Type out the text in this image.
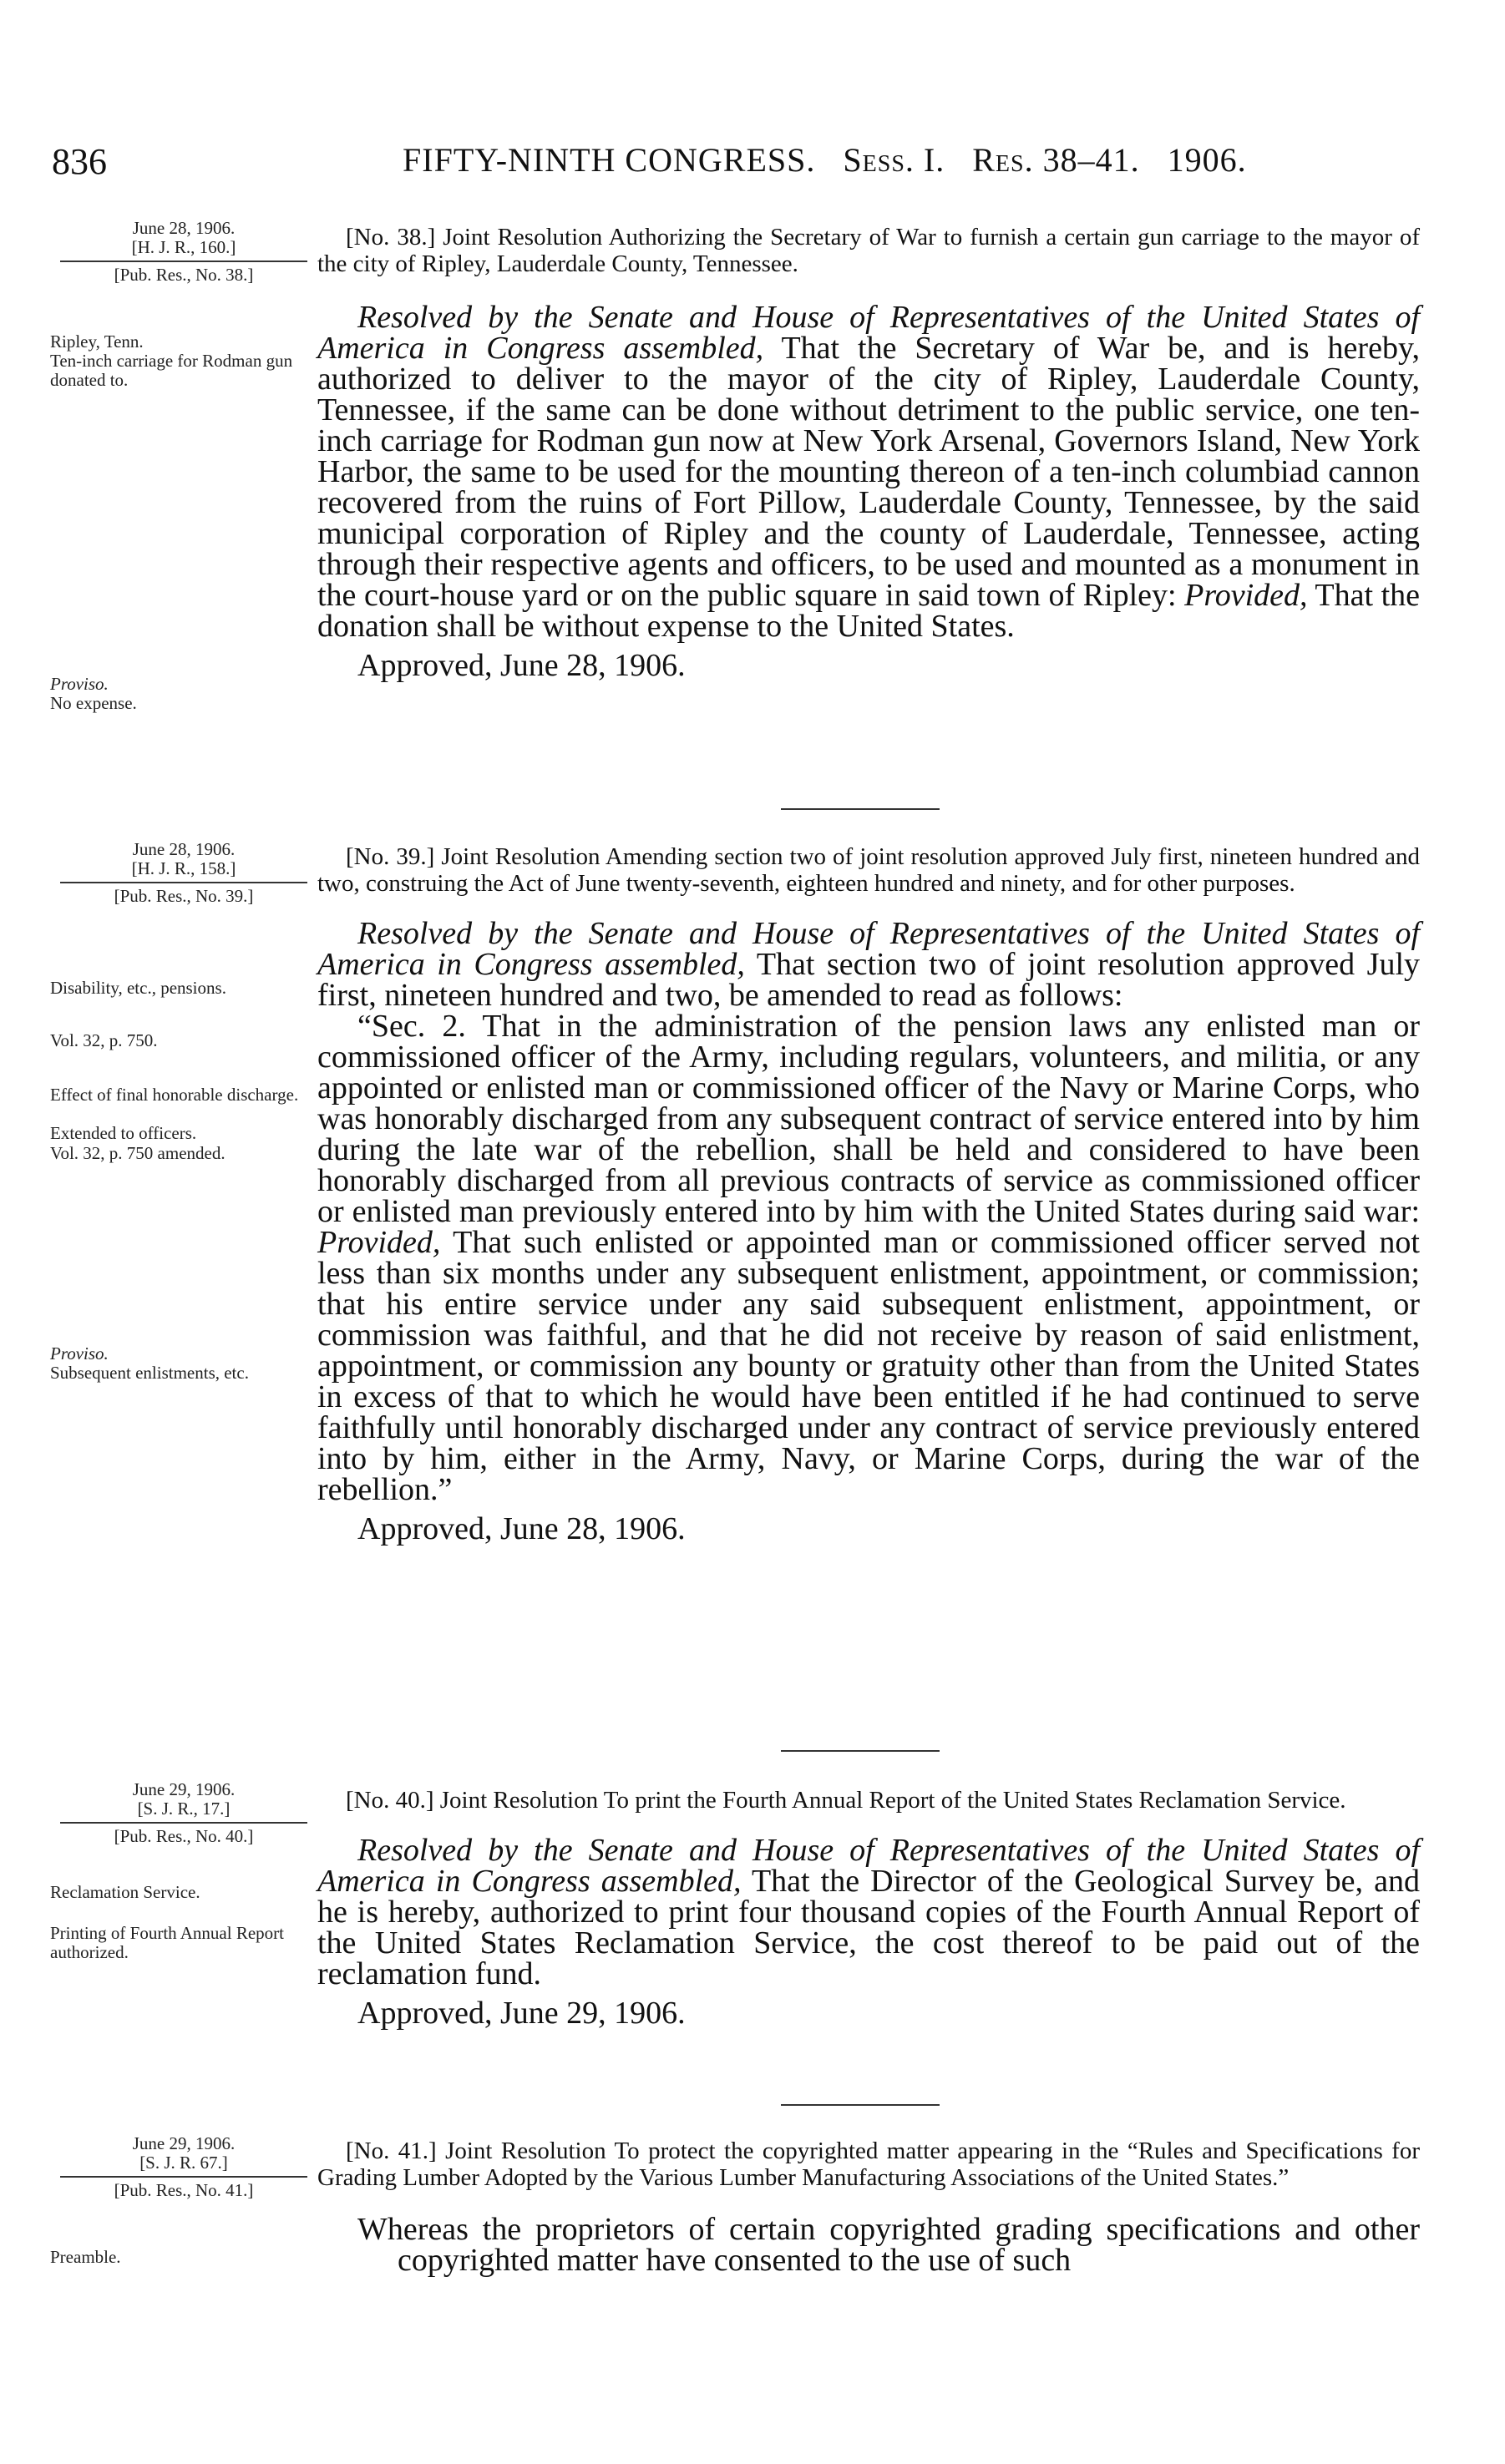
836	FIFTY-NINTH CONGRESS. Sess. I. Res. 38–41. 1906.
June 28, 1906.
[H. J. R., 160.]
[Pub. Res., No. 38.]
Ripley, Tenn.
Ten-inch carriage for Rodman gun donated to.
Proviso.
No expense.
[No. 38.] Joint Resolution Authorizing the Secretary of War to furnish a certain gun carriage to the mayor of the city of Ripley, Lauderdale County, Tennessee.
Resolved by the Senate and House of Representatives of the United States of America in Congress assembled, That the Secretary of War be, and is hereby, authorized to deliver to the mayor of the city of Ripley, Lauderdale County, Tennessee, if the same can be done without detriment to the public service, one ten-inch carriage for Rodman gun now at New York Arsenal, Governors Island, New York Harbor, the same to be used for the mounting thereon of a ten-inch columbiad cannon recovered from the ruins of Fort Pillow, Lauderdale County, Tennessee, by the said municipal corporation of Ripley and the county of Lauderdale, Tennessee, acting through their respective agents and officers, to be used and mounted as a monument in the court-house yard or on the public square in said town of Ripley: Provided, That the donation shall be without expense to the United States.
Approved, June 28, 1906.
June 28, 1906.
[H. J. R., 158.]
[Pub. Res., No. 39.]
Disability, etc., pensions.
Vol. 32, p. 750.
Effect of final honorable discharge.
Extended to officers.
Vol. 32, p. 750 amended.
Proviso.
Subsequent enlistments, etc.
[No. 39.] Joint Resolution Amending section two of joint resolution approved July first, nineteen hundred and two, construing the Act of June twenty-seventh, eighteen hundred and ninety, and for other purposes.
Resolved by the Senate and House of Representatives of the United States of America in Congress assembled, That section two of joint resolution approved July first, nineteen hundred and two, be amended to read as follows:
“Sec. 2. That in the administration of the pension laws any enlisted man or commissioned officer of the Army, including regulars, volunteers, and militia, or any appointed or enlisted man or commissioned officer of the Navy or Marine Corps, who was honorably discharged from any subsequent contract of service entered into by him during the late war of the rebellion, shall be held and considered to have been honorably discharged from all previous contracts of service as commissioned officer or enlisted man previously entered into by him with the United States during said war: Provided, That such enlisted or appointed man or commissioned officer served not less than six months under any subsequent enlistment, appointment, or commission; that his entire service under any said subsequent enlistment, appointment, or commission was faithful, and that he did not receive by reason of said enlistment, appointment, or commission any bounty or gratuity other than from the United States in excess of that to which he would have been entitled if he had continued to serve faithfully until honorably discharged under any contract of service previously entered into by him, either in the Army, Navy, or Marine Corps, during the war of the rebellion.”
Approved, June 28, 1906.
June 29, 1906.
[S. J. R., 17.]
[Pub. Res., No. 40.]
Reclamation Service.
Printing of Fourth Annual Report authorized.
[No. 40.] Joint Resolution To print the Fourth Annual Report of the United States Reclamation Service.
Resolved by the Senate and House of Representatives of the United States of America in Congress assembled, That the Director of the Geological Survey be, and he is hereby, authorized to print four thousand copies of the Fourth Annual Report of the United States Reclamation Service, the cost thereof to be paid out of the reclamation fund.
Approved, June 29, 1906.
June 29, 1906.
[S. J. R. 67.]
[Pub. Res., No. 41.]
Preamble.
[No. 41.] Joint Resolution To protect the copyrighted matter appearing in the “Rules and Specifications for Grading Lumber Adopted by the Various Lumber Manufacturing Associations of the United States.”
Whereas the proprietors of certain copyrighted grading specifications and other copyrighted matter have consented to the use of such
